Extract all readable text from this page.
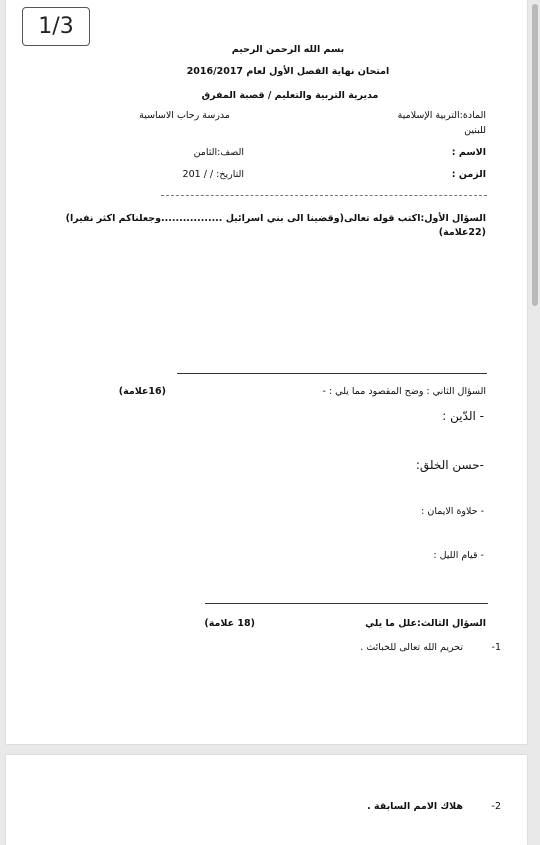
1/3
بسم الله الرحمن الرحيم
امتحان نهاية الفصل الأول لعام 2016/2017
مديرية التربية والتعليم / قصبة المفرق
المادة:التربية الإسلامية
للبنين
مدرسة رحاب الاساسية
الاسم :
الصف:الثامن
الزمن :
التاريخ: / / 201
السؤال الأول:اكتب قوله تعالى(وقضينا الى بني اسرائيل .................وجعلناكم اكثر نفيرا)
(22علامة)
السؤال الثاني : وضح المقصود مما يلي : -
(16علامة)
- الدّين :
-حسن الخلق:
- حلاوة الايمان :
- قيام الليل :
السؤال الثالث:علل ما يلي
(18 علامة)
-1
تحريم الله تعالى للخبائث .
-2
هلاك الامم السابقة .
